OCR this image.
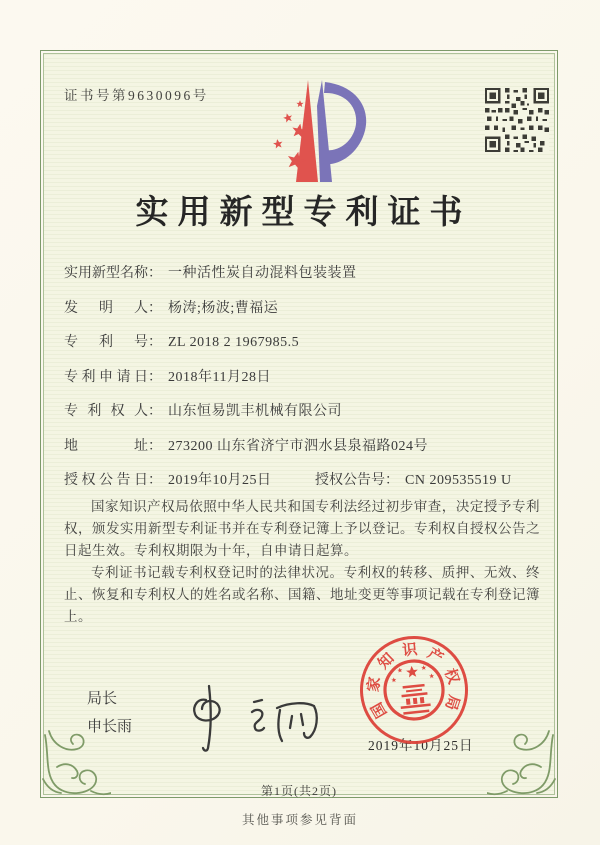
证书号第9630096号
实用新型专利证书
实用新型名称： 一种活性炭自动混料包装装置
发明人： 杨涛;杨波;曹福运
专利号： ZL 2018 2 1967985.5
专利申请日： 2018年11月28日
专利权人： 山东恒易凯丰机械有限公司
地址： 273200 山东省济宁市泗水县泉福路024号
授权公告日： 2019年10月25日	授权公告号： CN 209535519 U

国家知识产权局依照中华人民共和国专利法经过初步审查，决定授予专利权，颁发实用新型专利证书并在专利登记簿上予以登记。专利权自授权公告之日起生效。专利权期限为十年，自申请日起算。

专利证书记载专利权登记时的法律状况。专利权的转移、质押、无效、终止、恢复和专利权人的姓名或名称、国籍、地址变更等事项记载在专利登记簿上。

局长
申长雨
2019年10月25日
国
家
知 识 产
权
局
第1页(共2页)
其他事项参见背面
